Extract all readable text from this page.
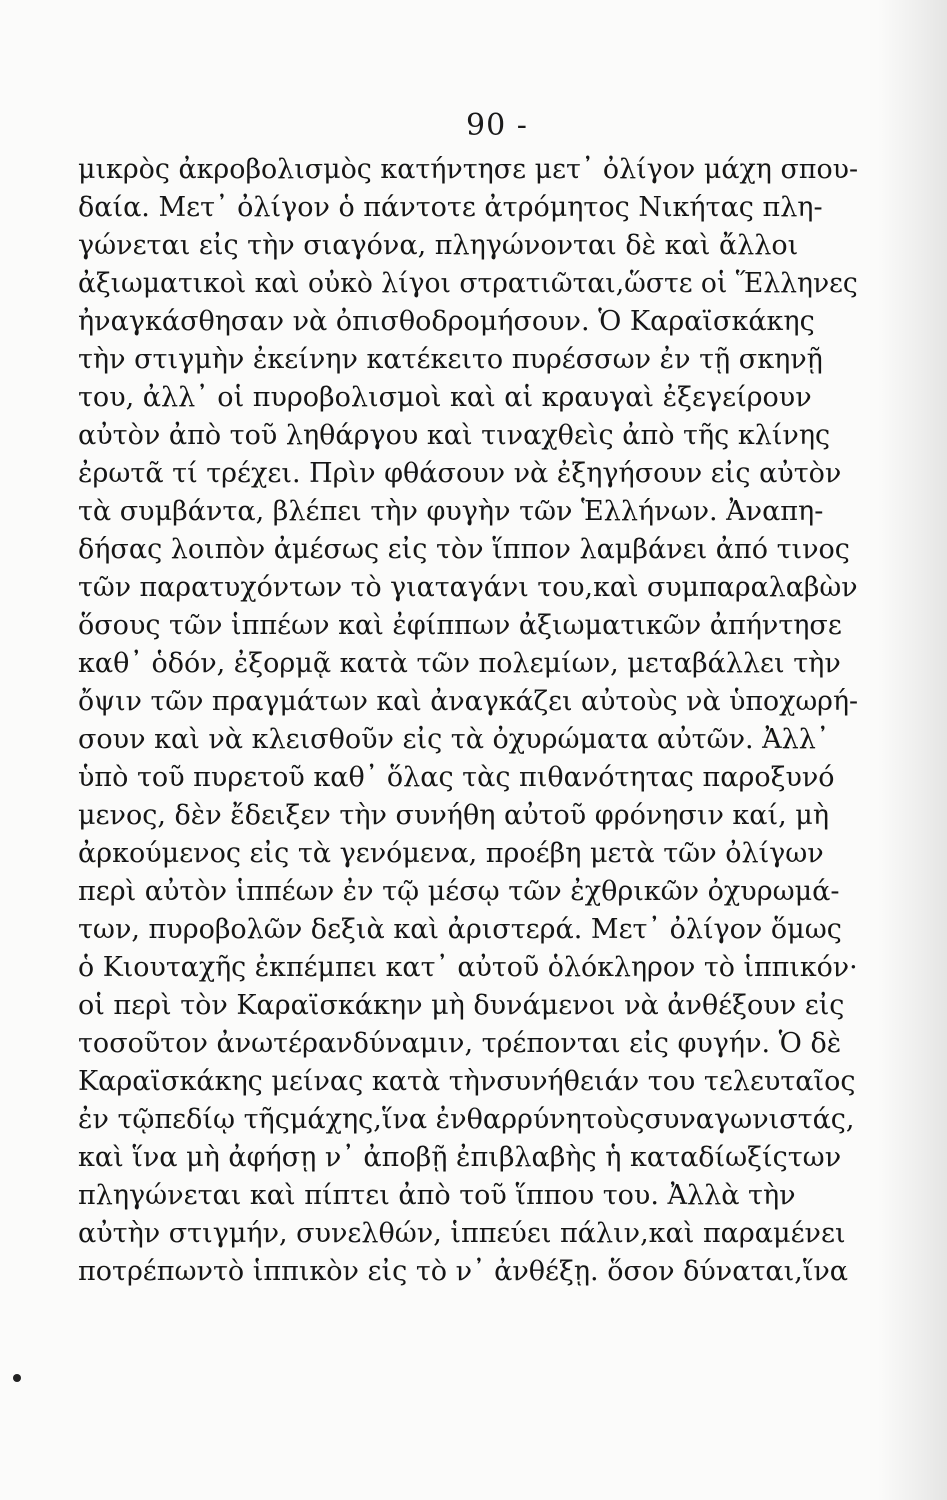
90 -
μικρὸς ἀκροβολισμὸς κατήντησε μετ᾽ ὀλίγον μάχη σπου-
δαία. Μετ᾽ ὀλίγον ὁ πάντοτε ἀτρόμητος Νικήτας πλη-
γώνεται εἰς τὴν σιαγόνα, πληγώνονται δὲ καὶ ἄλλοι
ἀξιωματικοὶ καὶ οὐκὸ λίγοι στρατιῶται,ὥστε οἱ Ἕλληνες
ἠναγκάσθησαν νὰ ὀπισθοδρομήσουν. Ὁ Καραϊσκάκης
τὴν στιγμὴν ἐκείνην κατέκειτο πυρέσσων ἐν τῇ σκηνῇ
του, ἀλλ᾽ οἱ πυροβολισμοὶ καὶ αἱ κραυγαὶ ἐξεγείρουν
αὐτὸν ἀπὸ τοῦ ληθάργου καὶ τιναχθεὶς ἀπὸ τῆς κλίνης
ἐρωτᾶ τί τρέχει. Πρὶν φθάσουν νὰ ἐξηγήσουν εἰς αὐτὸν
τὰ συμβάντα, βλέπει τὴν φυγὴν τῶν Ἑλλήνων. Ἀναπη-
δήσας λοιπὸν ἀμέσως εἰς τὸν ἵππον λαμβάνει ἀπό τινος
τῶν παρατυχόντων τὸ γιαταγάνι του,καὶ συμπαραλαβὼν
ὅσους τῶν ἱππέων καὶ ἐφίππων ἀξιωματικῶν ἀπήντησε
καθ᾽ ὁδόν, ἐξορμᾷ κατὰ τῶν πολεμίων, μεταβάλλει τὴν
ὄψιν τῶν πραγμάτων καὶ ἀναγκάζει αὐτοὺς νὰ ὑποχωρή-
σουν καὶ νὰ κλεισθοῦν εἰς τὰ ὀχυρώματα αὐτῶν. Ἀλλ᾽
ὑπὸ τοῦ πυρετοῦ καθ᾽ ὅλας τὰς πιθανότητας παροξυνό
μενος, δὲν ἔδειξεν τὴν συνήθη αὐτοῦ φρόνησιν καί, μὴ
ἀρκούμενος εἰς τὰ γενόμενα, προέβη μετὰ τῶν ὀλίγων
περὶ αὐτὸν ἱππέων ἐν τῷ μέσῳ τῶν ἐχθρικῶν ὀχυρωμά-
των, πυροβολῶν δεξιὰ καὶ ἀριστερά. Μετ᾽ ὀλίγον ὅμως
ὁ Κιουταχῆς ἐκπέμπει κατ᾽ αὐτοῦ ὁλόκληρον τὸ ἱππικόν·
οἱ περὶ τὸν Καραϊσκάκην μὴ δυνάμενοι νὰ ἀνθέξουν εἰς
τοσοῦτον ἀνωτέρανδύναμιν, τρέπονται εἰς φυγήν. Ὁ δὲ
Καραϊσκάκης μείνας κατὰ τὴνσυνήθειάν του τελευταῖος
ἐν τῷπεδίῳ τῆςμάχης,ἵνα ἐνθαρρύνητοὺςσυναγωνιστάς,
καὶ ἵνα μὴ ἀφήσῃ ν᾽ ἀποβῇ ἐπιβλαβὴς ἡ καταδίωξίςτων
πληγώνεται καὶ πίπτει ἀπὸ τοῦ ἵππου του. Ἀλλὰ τὴν
αὐτὴν στιγμήν, συνελθών, ἱππεύει πάλιν,καὶ παραμένει
ποτρέπωντὸ ἱππικὸν εἰς τὸ ν᾽ ἀνθέξῃ. ὅσον δύναται,ἵνα
